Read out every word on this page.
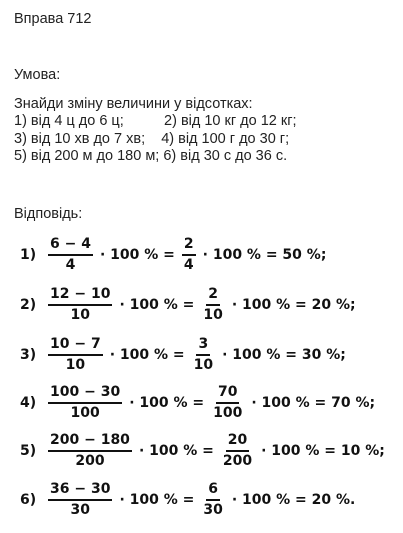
Вправа 712
Умова:
Знайди зміну величини у відсотках:
1) від 4 ц до 6 ц;          2) від 10 кг до 12 кг;
3) від 10 хв до 7 хв;    4) від 100 г до 30 г;
5) від 200 м до 180 м; 6) від 30 с до 36 с.
Відповідь:
$1) \frac{6 - 4}{4} \cdot 100$ % = $\frac{2}{4} \cdot 100$ % = 50 %;
$2) \frac{12 - 10}{10} \cdot 100$ % = $\frac{2}{10} \cdot 100$ % = 20 %;
$3) \frac{10 - 7}{10} \cdot 100$ % = $\frac{3}{10} \cdot 100$ % = 30 %;
$4) \frac{100 - 30}{100} \cdot 100$ % = $\frac{70}{100} \cdot 100$ % = 70 %;
$5) \frac{200 - 180}{200} \cdot 100$ % = $\frac{20}{200} \cdot 100$ % = 10 %;
$6) \frac{36 - 30}{30} \cdot 100$ % = $\frac{6}{30} \cdot 100$ % = 20 %.
